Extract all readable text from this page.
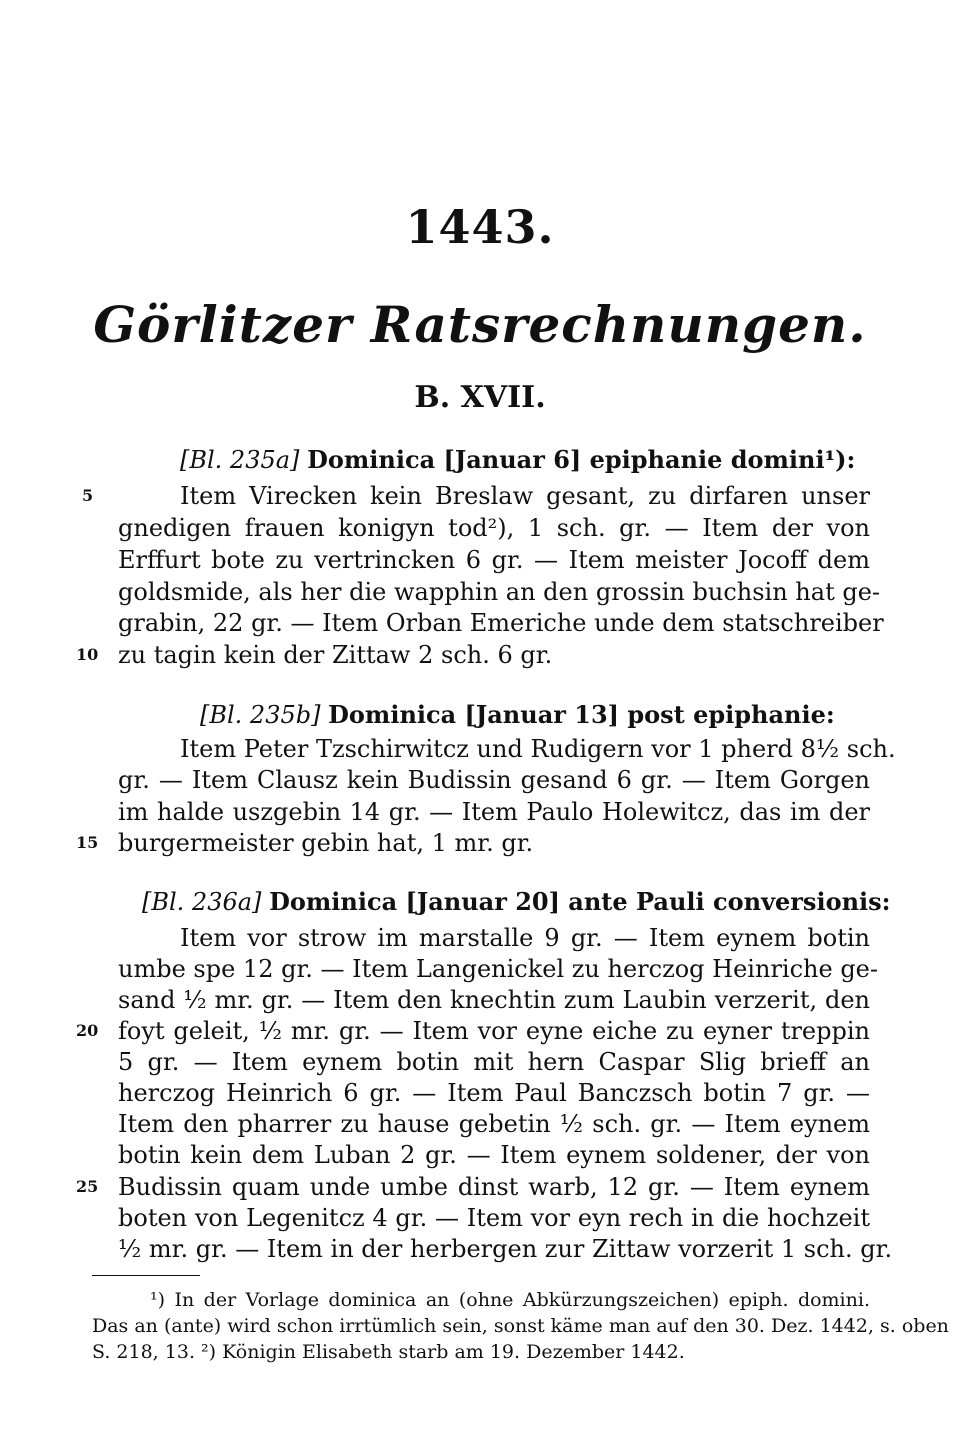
1443.
Görlitzer Ratsrechnungen.
B. XVII.
[Bl. 235a] Dominica [Januar 6] epiphanie domini¹):
Item Virecken kein Breslaw gesant, zu dirfaren unser
gnedigen frauen konigyn tod²), 1 sch. gr. — Item der von
Erffurt bote zu vertrincken 6 gr. — Item meister Jocoff dem
goldsmide, als her die wapphin an den grossin buchsin hat ge-
grabin, 22 gr. — Item Orban Emeriche unde dem statschreiber
zu tagin kein der Zittaw 2 sch. 6 gr.
[Bl. 235b] Dominica [Januar 13] post epiphanie:
Item Peter Tzschirwitcz und Rudigern vor 1 pherd 8½ sch.
gr. — Item Clausz kein Budissin gesand 6 gr. — Item Gorgen
im halde uszgebin 14 gr. — Item Paulo Holewitcz, das im der
burgermeister gebin hat, 1 mr. gr.
[Bl. 236a] Dominica [Januar 20] ante Pauli conversionis:
Item vor strow im marstalle 9 gr. — Item eynem botin
umbe spe 12 gr. — Item Langenickel zu herczog Heinriche ge-
sand ½ mr. gr. — Item den knechtin zum Laubin verzerit, den
foyt geleit, ½ mr. gr. — Item vor eyne eiche zu eyner treppin
5 gr. — Item eynem botin mit hern Caspar Slig brieff an
herczog Heinrich 6 gr. — Item Paul Banczsch botin 7 gr. —
Item den pharrer zu hause gebetin ½ sch. gr. — Item eynem
botin kein dem Luban 2 gr. — Item eynem soldener, der von
Budissin quam unde umbe dinst warb, 12 gr. — Item eynem
boten von Legenitcz 4 gr. — Item vor eyn rech in die hochzeit
½ mr. gr. — Item in der herbergen zur Zittaw vorzerit 1 sch. gr.
5
10
15
20
25
¹) In der Vorlage dominica an (ohne Abkürzungszeichen) epiph. domini.
Das an (ante) wird schon irrtümlich sein, sonst käme man auf den 30. Dez. 1442, s. oben
S. 218, 13. ²) Königin Elisabeth starb am 19. Dezember 1442.
